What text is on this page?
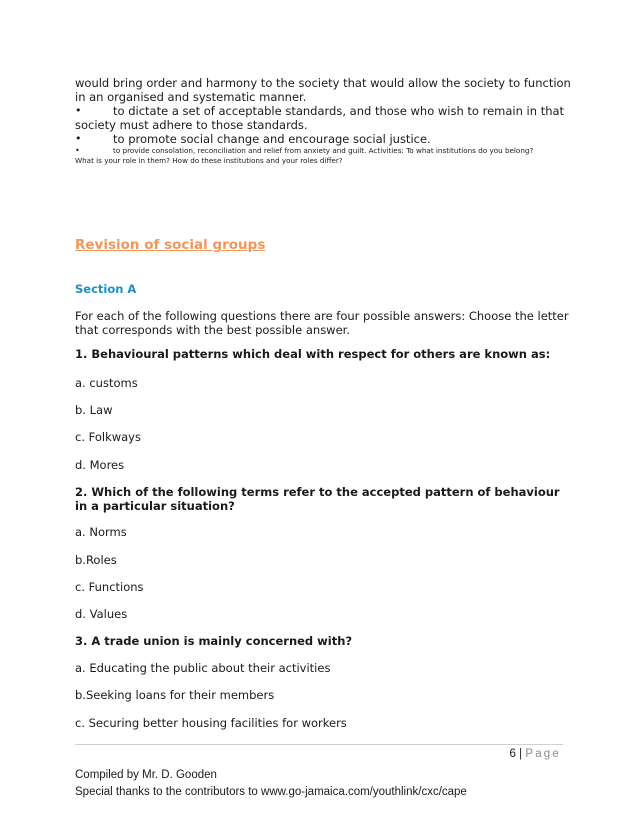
would bring order and harmony to the society that would allow the society to function in an organised and systematic manner.

•	to dictate a set of acceptable standards, and those who wish to remain in that

society must adhere to those standards.

•	to promote social change and encourage social justice.
•	to provide consolation, reconciliation and relief from anxiety and guilt. Activities: To what institutions do you belong?

What is your role in them? How do these institutions and your roles differ?

Revision of social groups
Section A
For each of the following questions there are four possible answers: Choose the letter that corresponds with the best possible answer.
1. Behavioural patterns which deal with respect for others are known as:
a. customs
b. Law
c. Folkways
d. Mores
2. Which of the following terms refer to the accepted pattern of behaviour in a particular situation?
a. Norms
b.Roles
c. Functions
d. Values
3. A trade union is mainly concerned with?
a. Educating the public about their activities
b.Seeking loans for their members
c. Securing better housing facilities for workers
6 | Page
Compiled by Mr. D. Gooden
Special thanks to the contributors to www.go-jamaica.com/youthlink/cxc/cape
